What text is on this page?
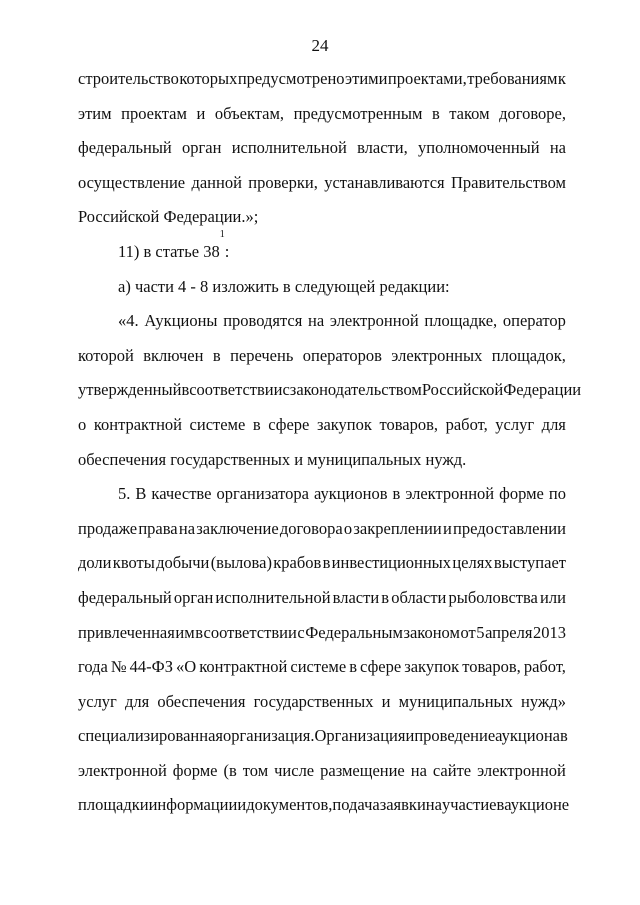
24
строительство которых предусмотрено этими проектами, требованиям к
этим проектам и объектам, предусмотренным в таком договоре,
федеральный орган исполнительной власти, уполномоченный на
осуществление данной проверки, устанавливаются Правительством
Российской Федерации.»;
11) в статье 38
1
:
а) части 4 - 8 изложить в следующей редакции:
«4. Аукционы проводятся на электронной площадке, оператор
которой включен в перечень операторов электронных площадок,
утвержденный в соответствии с законодательством Российской Федерации
о контрактной системе в сфере закупок товаров, работ, услуг для
обеспечения государственных и муниципальных нужд.
5. В качестве организатора аукционов в электронной форме по
продаже права на заключение договора о закреплении и предоставлении
доли квоты добычи (вылова) крабов в инвестиционных целях выступает
федеральный орган исполнительной власти в области рыболовства или
привлеченная им в соответствии с Федеральным законом от 5 апреля 2013
года № 44-ФЗ «О контрактной системе в сфере закупок товаров, работ,
услуг для обеспечения государственных и муниципальных нужд»
специализированная организация. Организация и проведение аукциона в
электронной форме (в том числе размещение на сайте электронной
площадки информации и документов, подача заявки на участие в аукционе
